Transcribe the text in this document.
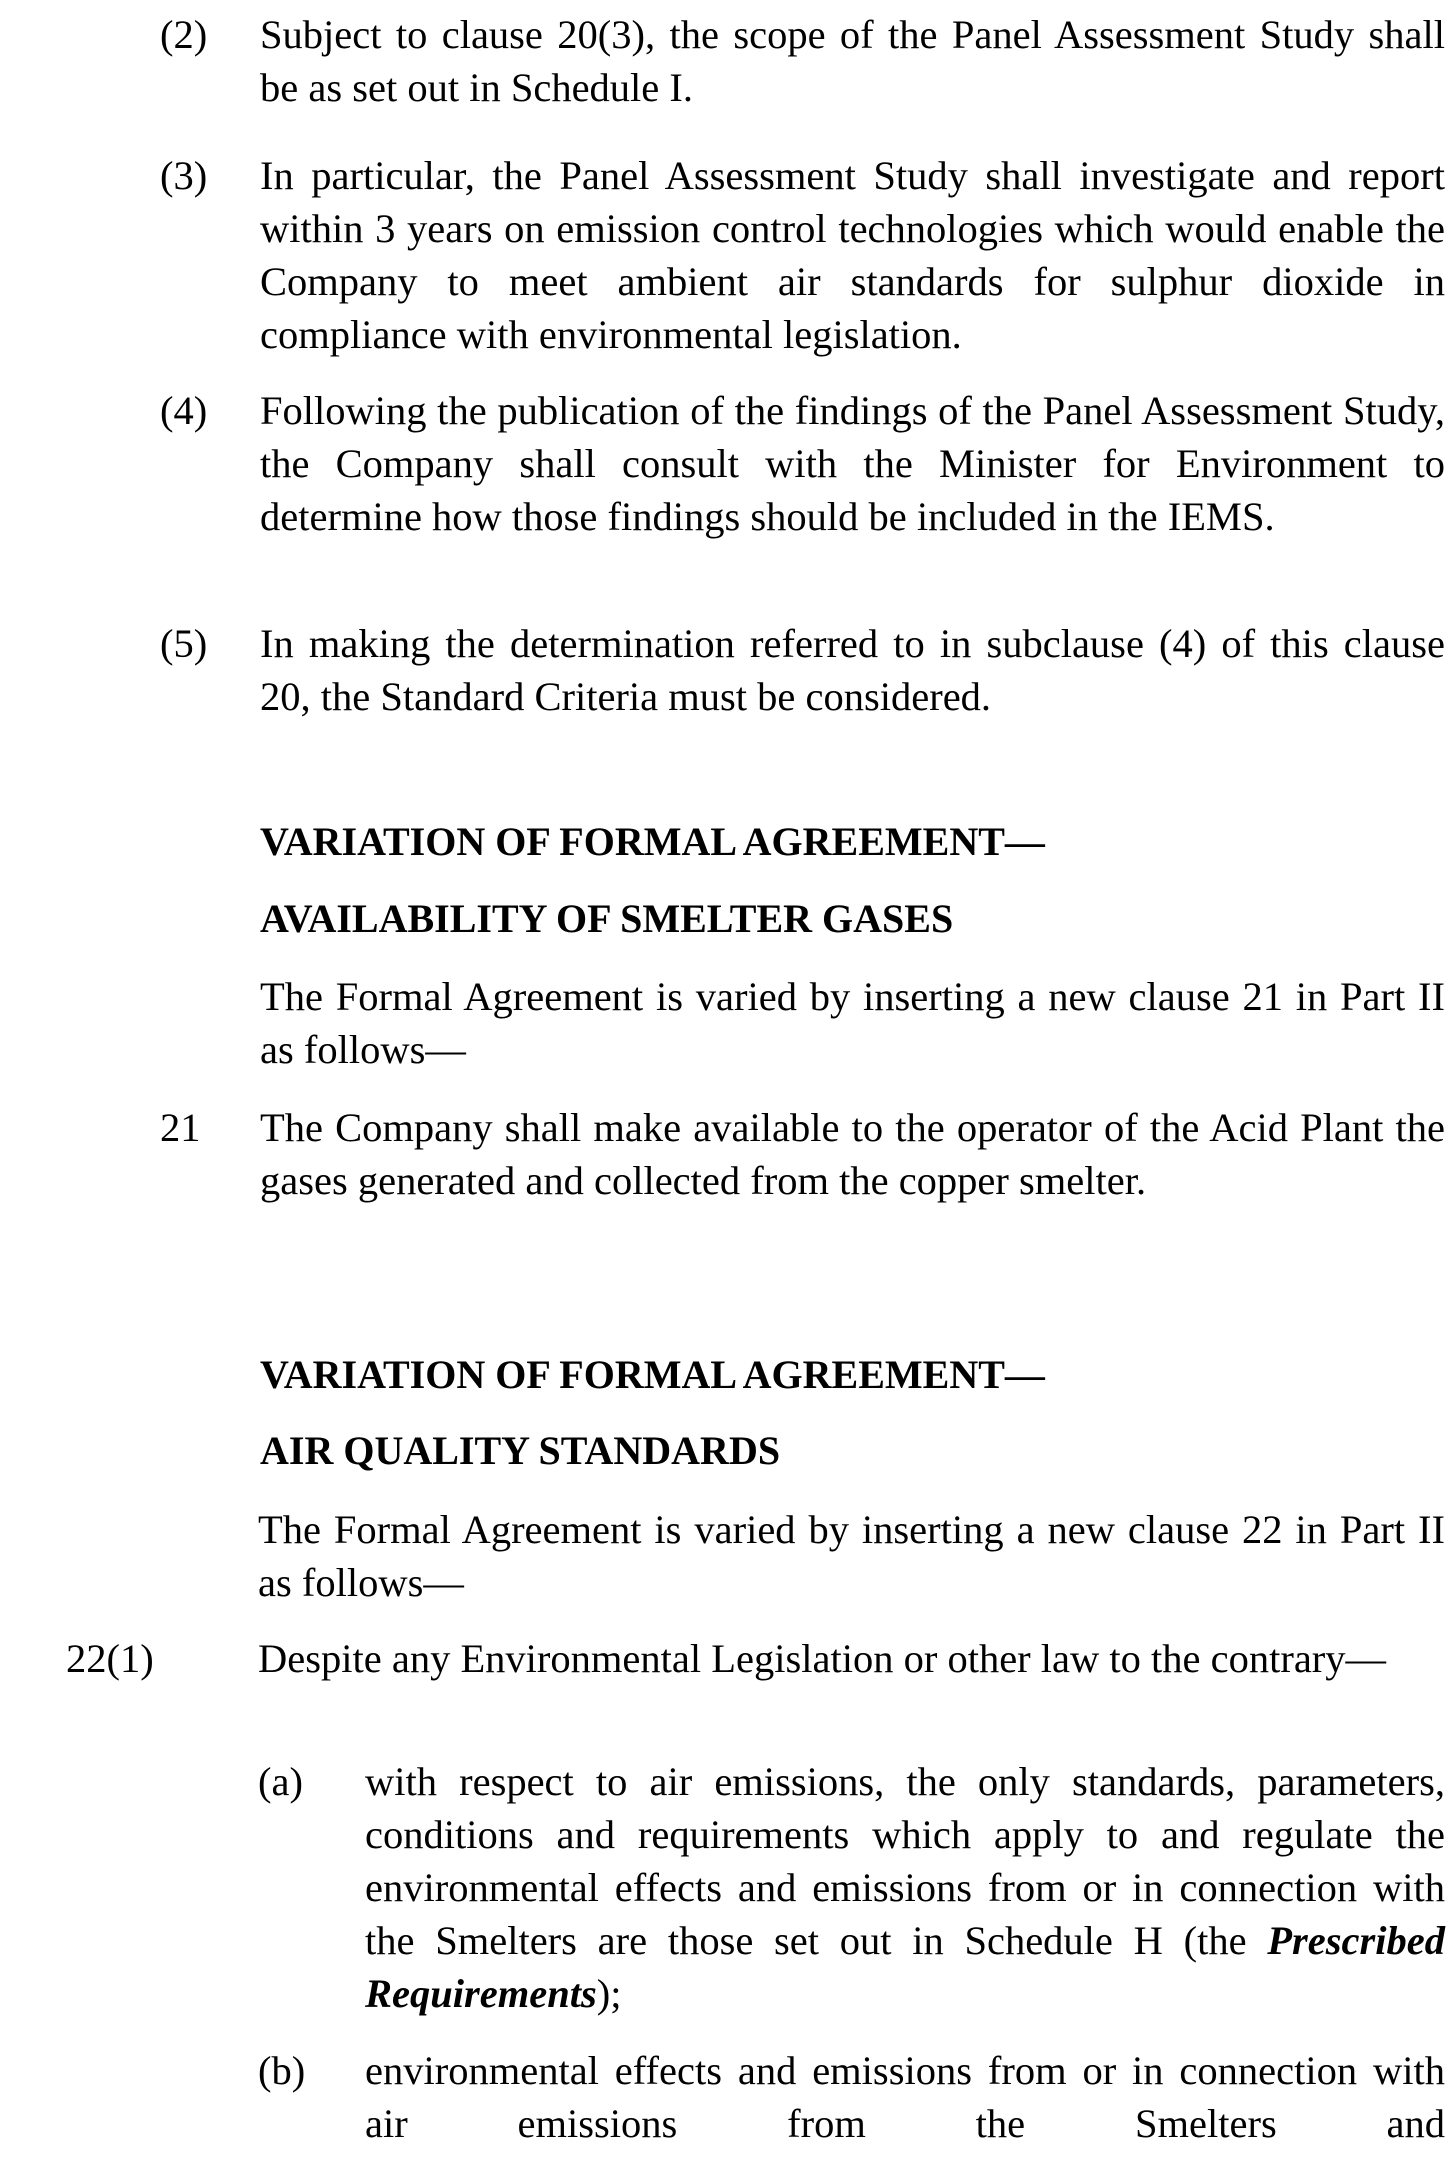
(2) Subject to clause 20(3), the scope of the Panel Assessment Study shall be as set out in Schedule I.
(3) In particular, the Panel Assessment Study shall investigate and report within 3 years on emission control technologies which would enable the Company to meet ambient air standards for sulphur dioxide in compliance with environmental legislation.
(4) Following the publication of the findings of the Panel Assessment Study, the Company shall consult with the Minister for Environment to determine how those findings should be included in the IEMS.
(5) In making the determination referred to in subclause (4) of this clause 20, the Standard Criteria must be considered.
VARIATION OF FORMAL AGREEMENT—
AVAILABILITY OF SMELTER GASES
The Formal Agreement is varied by inserting a new clause 21 in Part II as follows—
21 The Company shall make available to the operator of the Acid Plant the gases generated and collected from the copper smelter.
VARIATION OF FORMAL AGREEMENT—
AIR QUALITY STANDARDS
The Formal Agreement is varied by inserting a new clause 22 in Part II as follows—
22(1)	Despite any Environmental Legislation or other law to the contrary—
(a) with respect to air emissions, the only standards, parameters, conditions and requirements which apply to and regulate the environmental effects and emissions from or in connection with the Smelters are those set out in Schedule H (the Prescribed Requirements);
(b) environmental effects and emissions from or in connection with air emissions from the Smelters and
